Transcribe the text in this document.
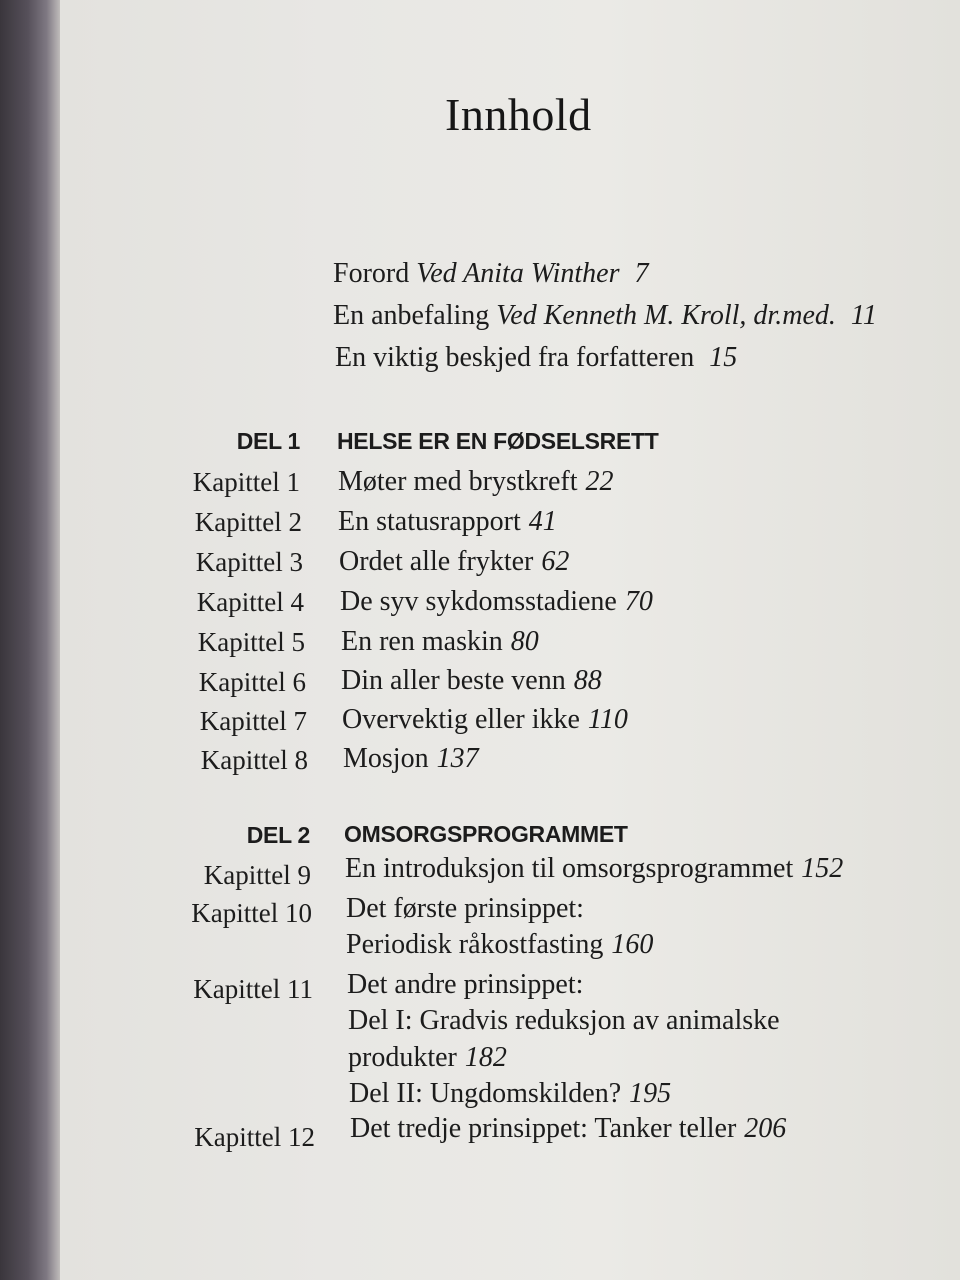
Innhold
Forord Ved Anita Winther 7
En anbefaling Ved Kenneth M. Kroll, dr.med. 11
En viktig beskjed fra forfatteren 15
DEL 1 HELSE ER EN FØDSELSRETT
Kapittel 1 Møter med brystkreft 22
Kapittel 2 En statusrapport 41
Kapittel 3 Ordet alle frykter 62
Kapittel 4 De syv sykdomsstadiene 70
Kapittel 5 En ren maskin 80
Kapittel 6 Din aller beste venn 88
Kapittel 7 Overvektig eller ikke 110
Kapittel 8 Mosjon 137
DEL 2 OMSORGSPROGRAMMET
Kapittel 9 En introduksjon til omsorgsprogrammet 152
Kapittel 10 Det første prinsippet:
Periodisk råkostfasting 160
Kapittel 11 Det andre prinsippet:
Del I: Gradvis reduksjon av animalske
produkter 182
Del II: Ungdomskilden? 195
Kapittel 12 Det tredje prinsippet: Tanker teller 206
